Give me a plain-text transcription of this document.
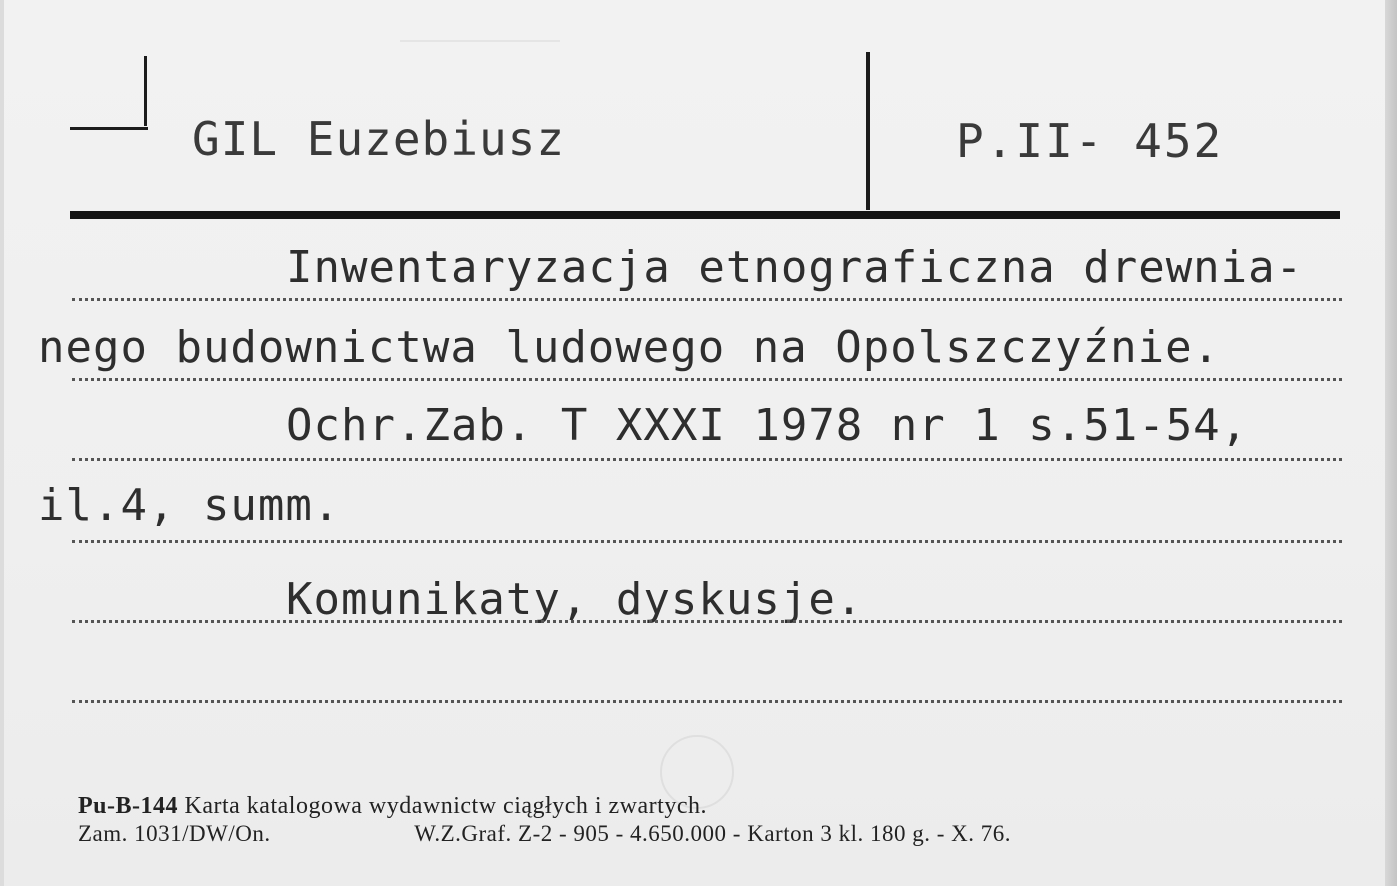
GIL Euzebiusz	P.II- 452
Inwentaryzacja etnograficzna drewnia-
nego budownictwa ludowego na Opolszczyźnie.
Ochr.Zab. T XXXI 1978 nr 1 s.51-54,
il.4, summ.
Komunikaty, dyskusje.
Pu-B-144 Karta katalogowa wydawnictw ciągłych i zwartych.
Zam. 1031/DW/On.	W.Z.Graf. Z-2 - 905 - 4.650.000 - Karton 3 kl. 180 g. - X. 76.
